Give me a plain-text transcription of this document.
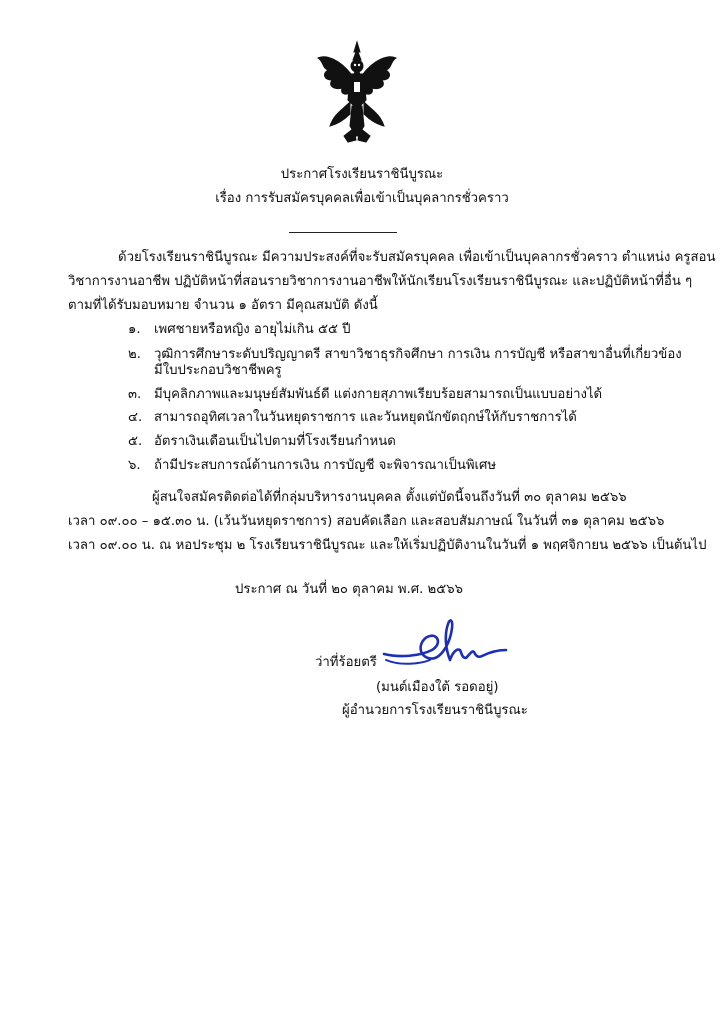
ประกาศโรงเรียนราชินีบูรณะ
เรื่อง การรับสมัครบุคคลเพื่อเข้าเป็นบุคลากรชั่วคราว
ด้วยโรงเรียนราชินีบูรณะ มีความประสงค์ที่จะรับสมัครบุคคล เพื่อเข้าเป็นบุคลากรชั่วคราว ตำแหน่ง ครูสอน
วิชาการงานอาชีพ ปฏิบัติหน้าที่สอนรายวิชาการงานอาชีพให้นักเรียนโรงเรียนราชินีบูรณะ และปฏิบัติหน้าที่อื่น ๆ
ตามที่ได้รับมอบหมาย จำนวน ๑ อัตรา มีคุณสมบัติ ดังนี้
๑. เพศชายหรือหญิง อายุไม่เกิน ๕๕ ปี
๒. วุฒิการศึกษาระดับปริญญาตรี สาขาวิชาธุรกิจศึกษา การเงิน การบัญชี หรือสาขาอื่นที่เกี่ยวข้อง
มีใบประกอบวิชาชีพครู
๓. มีบุคลิกภาพและมนุษย์สัมพันธ์ดี แต่งกายสุภาพเรียบร้อยสามารถเป็นแบบอย่างได้
๔. สามารถอุทิศเวลาในวันหยุดราชการ และวันหยุดนักขัตฤกษ์ให้กับราชการได้
๕. อัตราเงินเดือนเป็นไปตามที่โรงเรียนกำหนด
๖. ถ้ามีประสบการณ์ด้านการเงิน การบัญชี จะพิจารณาเป็นพิเศษ
ผู้สนใจสมัครติดต่อได้ที่กลุ่มบริหารงานบุคคล ตั้งแต่บัดนี้จนถึงวันที่ ๓๐ ตุลาคม ๒๕๖๖
เวลา ๐๙.๐๐ – ๑๕.๓๐ น. (เว้นวันหยุดราชการ) สอบคัดเลือก และสอบสัมภาษณ์ ในวันที่ ๓๑ ตุลาคม ๒๕๖๖
เวลา ๐๙.๐๐ น. ณ หอประชุม ๒ โรงเรียนราชินีบูรณะ และให้เริ่มปฏิบัติงานในวันที่ ๑ พฤศจิกายน ๒๕๖๖ เป็นต้นไป
ประกาศ ณ วันที่ ๒๐ ตุลาคม พ.ศ. ๒๕๖๖
ว่าที่ร้อยตรี
(มนต์เมืองใต้ รอดอยู่)
ผู้อำนวยการโรงเรียนราชินีบูรณะ
